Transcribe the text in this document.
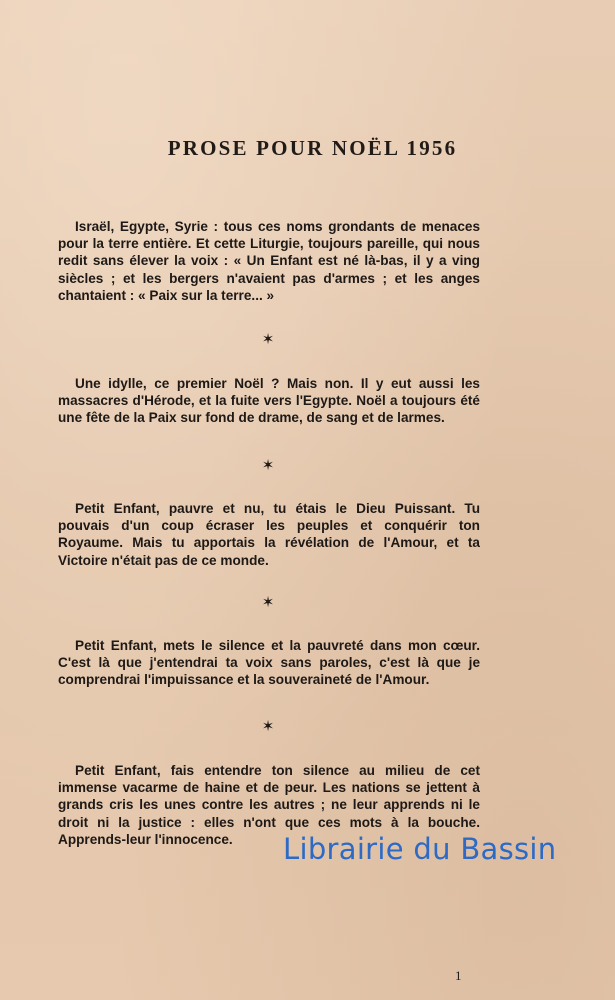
PROSE POUR NOËL 1956

Israël, Egypte, Syrie : tous ces noms grondants de menaces pour la terre entière. Et cette Liturgie, toujours pareille, qui nous redit sans élever la voix : « Un Enfant est né là-bas, il y a ving siècles ; et les bergers n'avaient pas d'armes ; et les anges chantaient : « Paix sur la terre... »

✶

Une idylle, ce premier Noël ? Mais non. Il y eut aussi les massacres d'Hérode, et la fuite vers l'Egypte. Noël a toujours été une fête de la Paix sur fond de drame, de sang et de larmes.

✶

Petit Enfant, pauvre et nu, tu étais le Dieu Puissant. Tu pouvais d'un coup écraser les peuples et conquérir ton Royaume. Mais tu apportais la révélation de l'Amour, et ta Victoire n'était pas de ce monde.

✶

Petit Enfant, mets le silence et la pauvreté dans mon cœur. C'est là que j'entendrai ta voix sans paroles, c'est là que je comprendrai l'impuissance et la souveraineté de l'Amour.

✶

Petit Enfant, fais entendre ton silence au milieu de cet immense vacarme de haine et de peur. Les nations se jettent à grands cris les unes contre les autres ; ne leur apprends ni le droit ni la justice : elles n'ont que ces mots à la bouche. Apprends-leur l'innocence.	Librairie du Bassin
1
